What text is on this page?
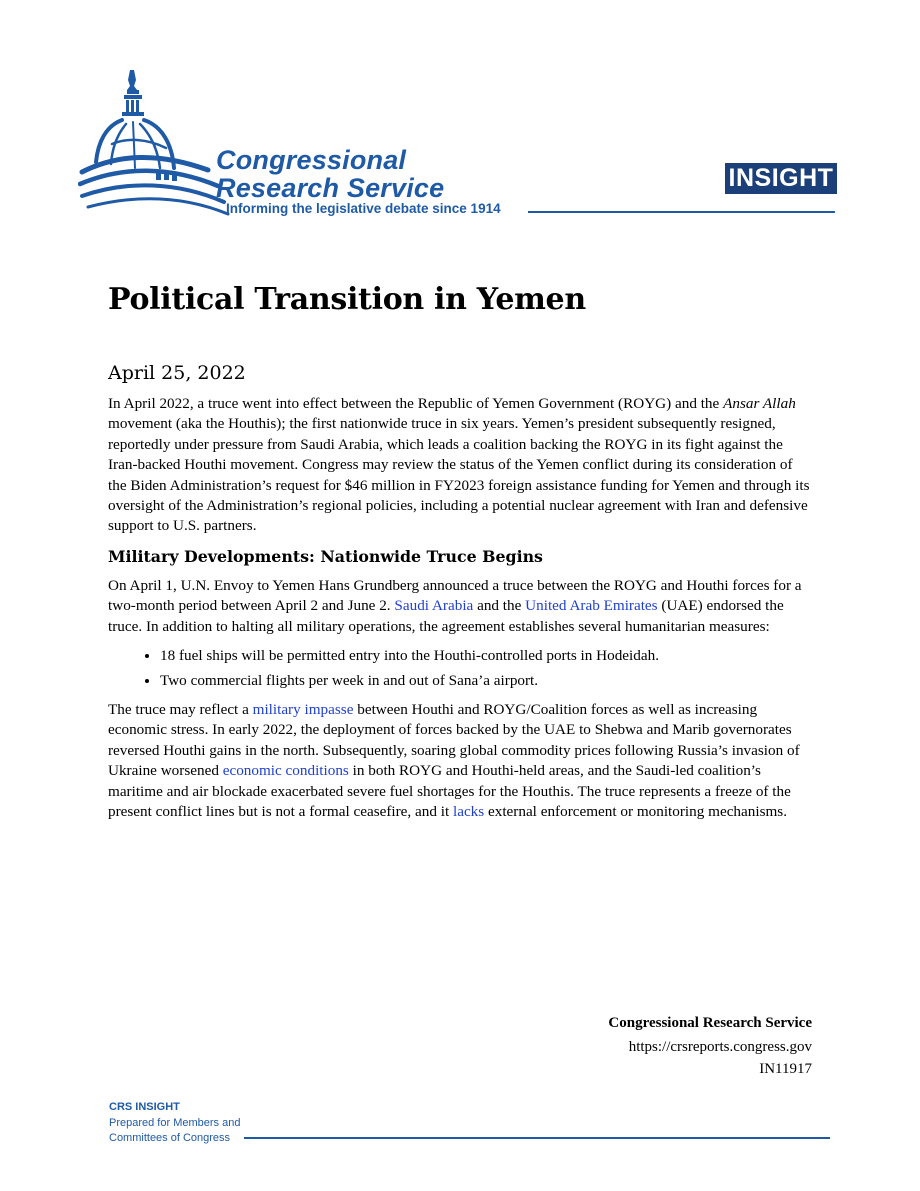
Congressional
Research Service
Informing the legislative debate since 1914
INSIGHT
Political Transition in Yemen
April 25, 2022

In April 2022, a truce went into effect between the Republic of Yemen Government (ROYG) and the Ansar Allah movement (aka the Houthis); the first nationwide truce in six years. Yemen’s president subsequently resigned, reportedly under pressure from Saudi Arabia, which leads a coalition backing the ROYG in its fight against the Iran-backed Houthi movement. Congress may review the status of the Yemen conflict during its consideration of the Biden Administration’s request for $46 million in FY2023 foreign assistance funding for Yemen and through its oversight of the Administration’s regional policies, including a potential nuclear agreement with Iran and defensive support to U.S. partners.

Military Developments: Nationwide Truce Begins

On April 1, U.N. Envoy to Yemen Hans Grundberg announced a truce between the ROYG and Houthi forces for a two-month period between April 2 and June 2. Saudi Arabia and the United Arab Emirates (UAE) endorsed the truce. In addition to halting all military operations, the agreement establishes several humanitarian measures:

• 18 fuel ships will be permitted entry into the Houthi-controlled ports in Hodeidah.
• Two commercial flights per week in and out of Sana’a airport.

The truce may reflect a military impasse between Houthi and ROYG/Coalition forces as well as increasing economic stress. In early 2022, the deployment of forces backed by the UAE to Shebwa and Marib governorates reversed Houthi gains in the north. Subsequently, soaring global commodity prices following Russia’s invasion of Ukraine worsened economic conditions in both ROYG and Houthi-held areas, and the Saudi-led coalition’s maritime and air blockade exacerbated severe fuel shortages for the Houthis. The truce represents a freeze of the present conflict lines but is not a formal ceasefire, and it lacks external enforcement or monitoring mechanisms.

Congressional Research Service
https://crsreports.congress.gov
IN11917
CRS INSIGHT
Prepared for Members and
Committees of Congress
